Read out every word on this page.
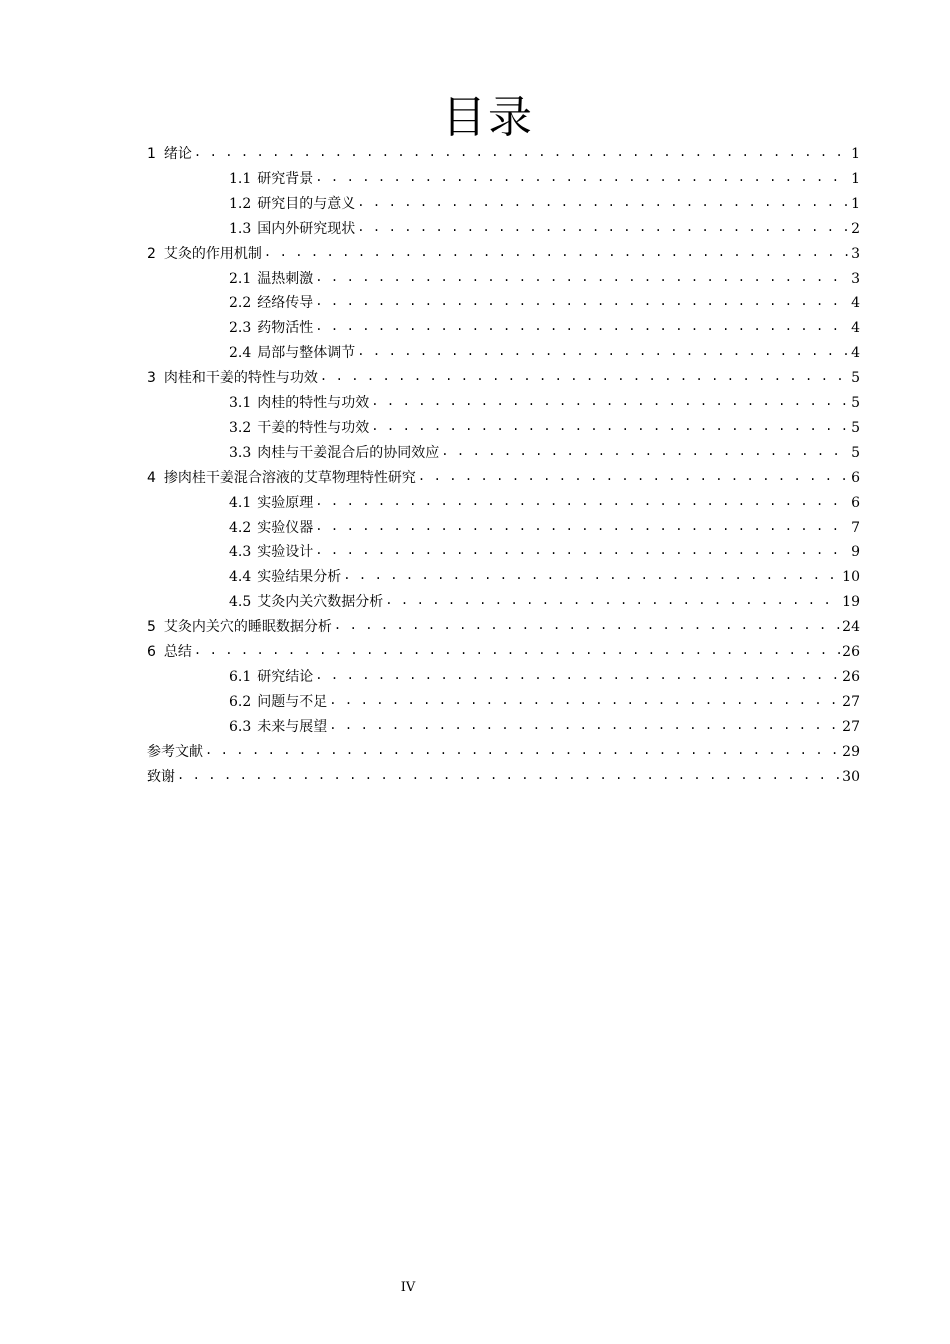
目录
1 绪论 . . .	1
1.1 研究背景 . . .	1
1.2 研究目的与意义 . . .	1
1.3 国内外研究现状 . . .	2
2 艾灸的作用机制 . . .	3
2.1 温热刺激 . . .	3
2.2 经络传导 . . .	4
2.3 药物活性 . . .	4
2.4 局部与整体调节 . . .	4
3 肉桂和干姜的特性与功效 . . .	5
3.1 肉桂的特性与功效 . . .	5
3.2 干姜的特性与功效 . . .	5
3.3 肉桂与干姜混合后的协同效应 . . .	5
4 掺肉桂干姜混合溶液的艾草物理特性研究 . . .	6
4.1 实验原理 . . .	6
4.2 实验仪器 . . .	7
4.3 实验设计 . . .	9
4.4 实验结果分析 . . .	10
4.5 艾灸内关穴数据分析 . . .	19
5 艾灸内关穴的睡眠数据分析 . . .	24
6 总结 . . .	26
6.1 研究结论 . . .	26
6.2 问题与不足 . . .	27
6.3 未来与展望 . . .	27
参考文献 . . .	29
致谢 . . .	30
IV
